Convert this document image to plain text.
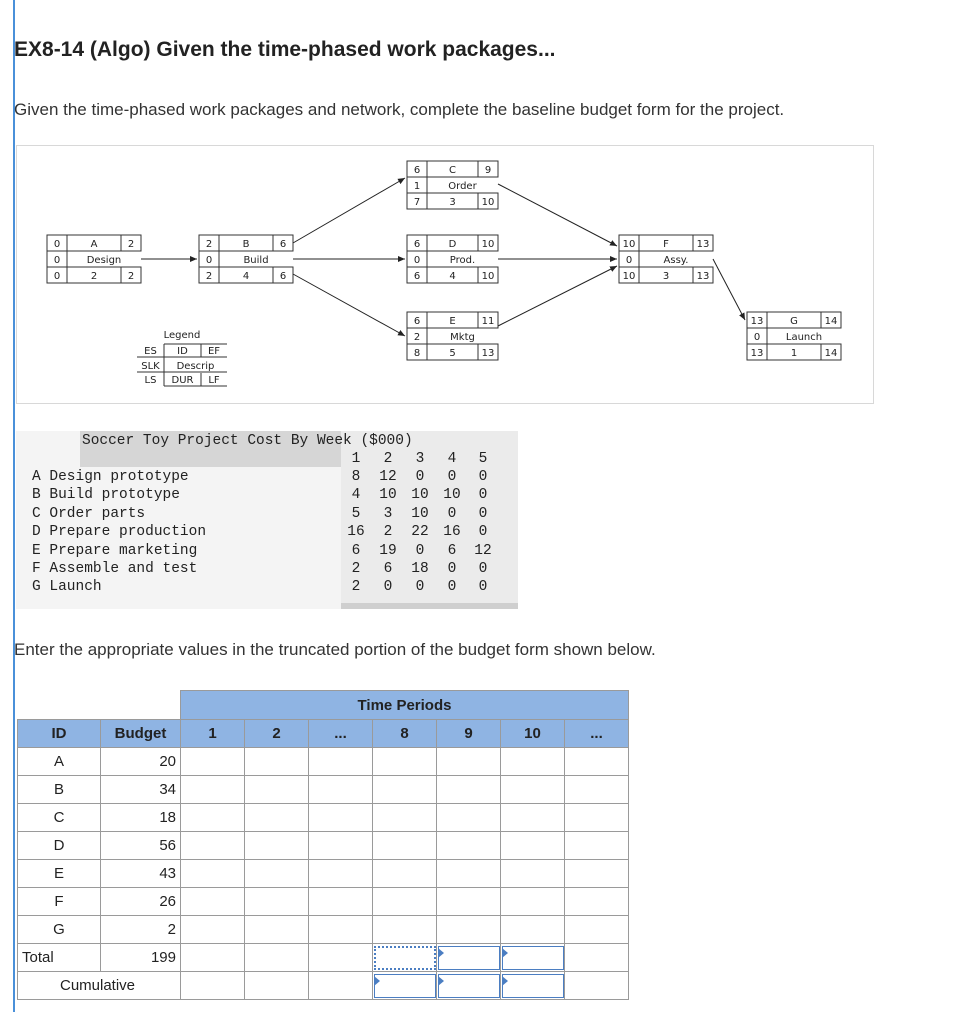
EX8-14 (Algo) Given the time-phased work packages...
Given the time-phased work packages and network, complete the baseline budget form for the project.
0	A	2
0	Design
0	2	2
2	B	6
0	Build
2	4	6
6	C	9
1	Order
7	3	10
6	D	10
0	Prod.
6	4	10
6	E	11
2	Mktg
8	5	13
10	F	13
0	Assy.
10	3	13
13	G	14
0	Launch
13	1	14
Legend
ES ID EF
SLK Descrip
LS DUR LF
Soccer Toy Project Cost By Week ($000)
1	2	3	4	5
A Design prototype	8	12	0	0	0
B Build prototype	4	10	10	10	0
C Order parts	5	3	10	0	0
D Prepare production	16	2	22	16	0
E Prepare marketing	6	19	0	6	12
F Assemble and test	2	6	18	0	0
G Launch	2	0	0	0	0
Enter the appropriate values in the truncated portion of the budget form shown below.
		Time Periods						
ID	Budget	1	2	...	8	9	10	...
A	20							
B	34							
C	18							
D	56							
E	43							
F	26							
G	2							
Total	199				

Cumulative					
